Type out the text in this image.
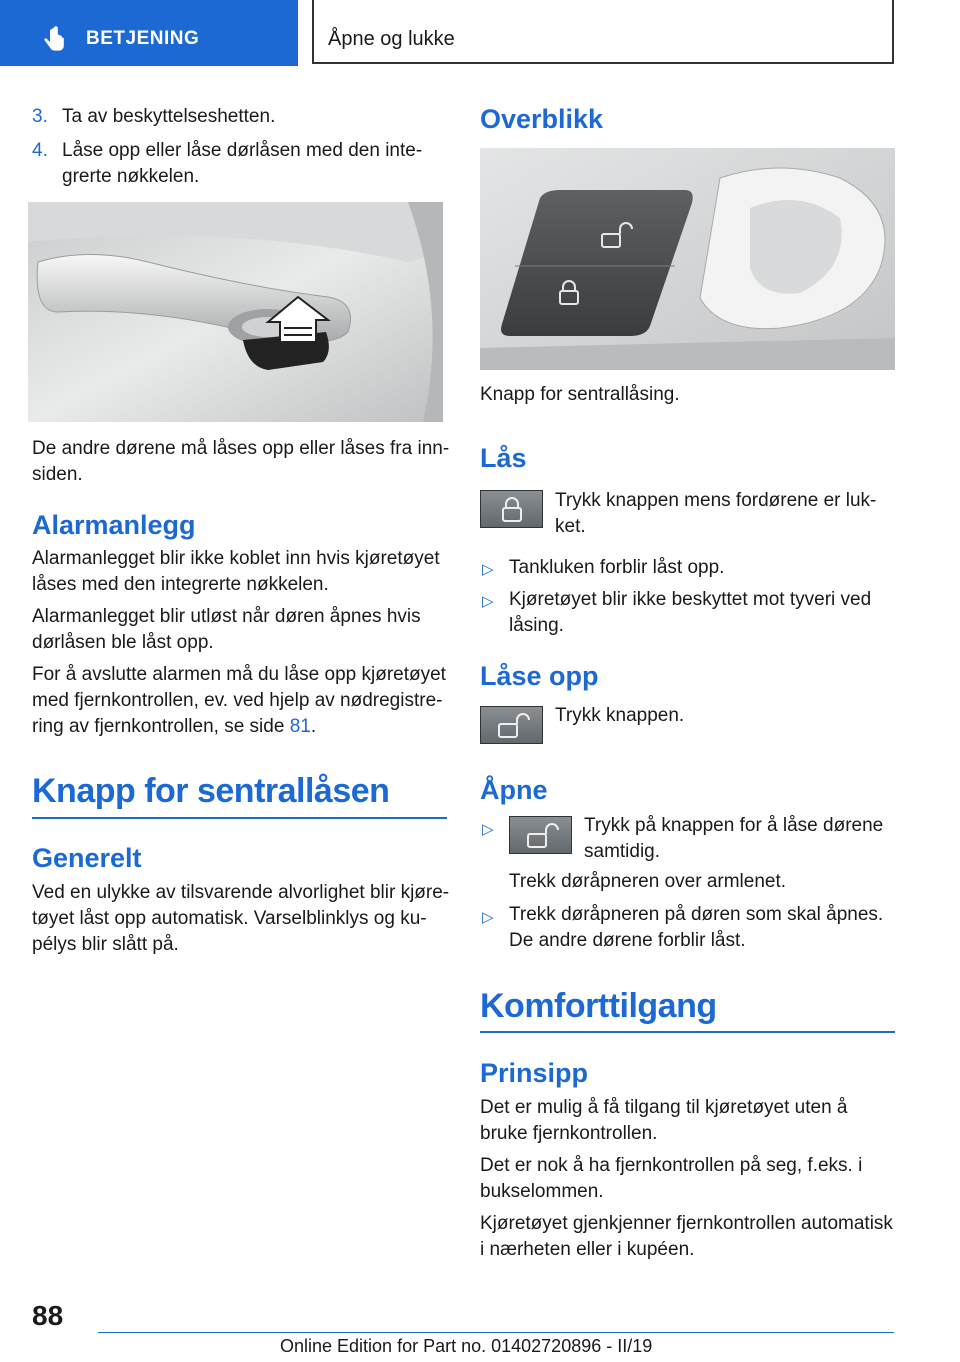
BETJENING	Åpne og lukke
3. Ta av beskyttelseshetten.
4. Låse opp eller låse dørlåsen med den inte-
grerte nøkkelen.
De andre dørene må låses opp eller låses fra inn-
siden.
Alarmanlegg
Alarmanlegget blir ikke koblet inn hvis kjøretøyet
låses med den integrerte nøkkelen.
Alarmanlegget blir utløst når døren åpnes hvis
dørlåsen ble låst opp.
For å avslutte alarmen må du låse opp kjøretøyet
med fjernkontrollen, ev. ved hjelp av nødregistre-
ring av fjernkontrollen, se side 81.
Knapp for sentrallåsen
Generelt
Ved en ulykke av tilsvarende alvorlighet blir kjøre-
tøyet låst opp automatisk. Varselblinklys og ku-
pélys blir slått på.
Overblikk
Knapp for sentrallåsing.
Lås
Trykk knappen mens fordørene er luk-
ket.
▷ Tankluken forblir låst opp.
▷ Kjøretøyet blir ikke beskyttet mot tyveri ved
låsing.
Låse opp
Trykk knappen.
Åpne
▷	Trykk på knappen for å låse dørene
samtidig.
Trekk døråpneren over armlenet.
▷ Trekk døråpneren på døren som skal åpnes.
De andre dørene forblir låst.
Komforttilgang
Prinsipp
Det er mulig å få tilgang til kjøretøyet uten å
bruke fjernkontrollen.
Det er nok å ha fjernkontrollen på seg, f.eks. i
bukselommen.
Kjøretøyet gjenkjenner fjernkontrollen automatisk
i nærheten eller i kupéen.
88
Online Edition for Part no. 01402720896 - II/19
